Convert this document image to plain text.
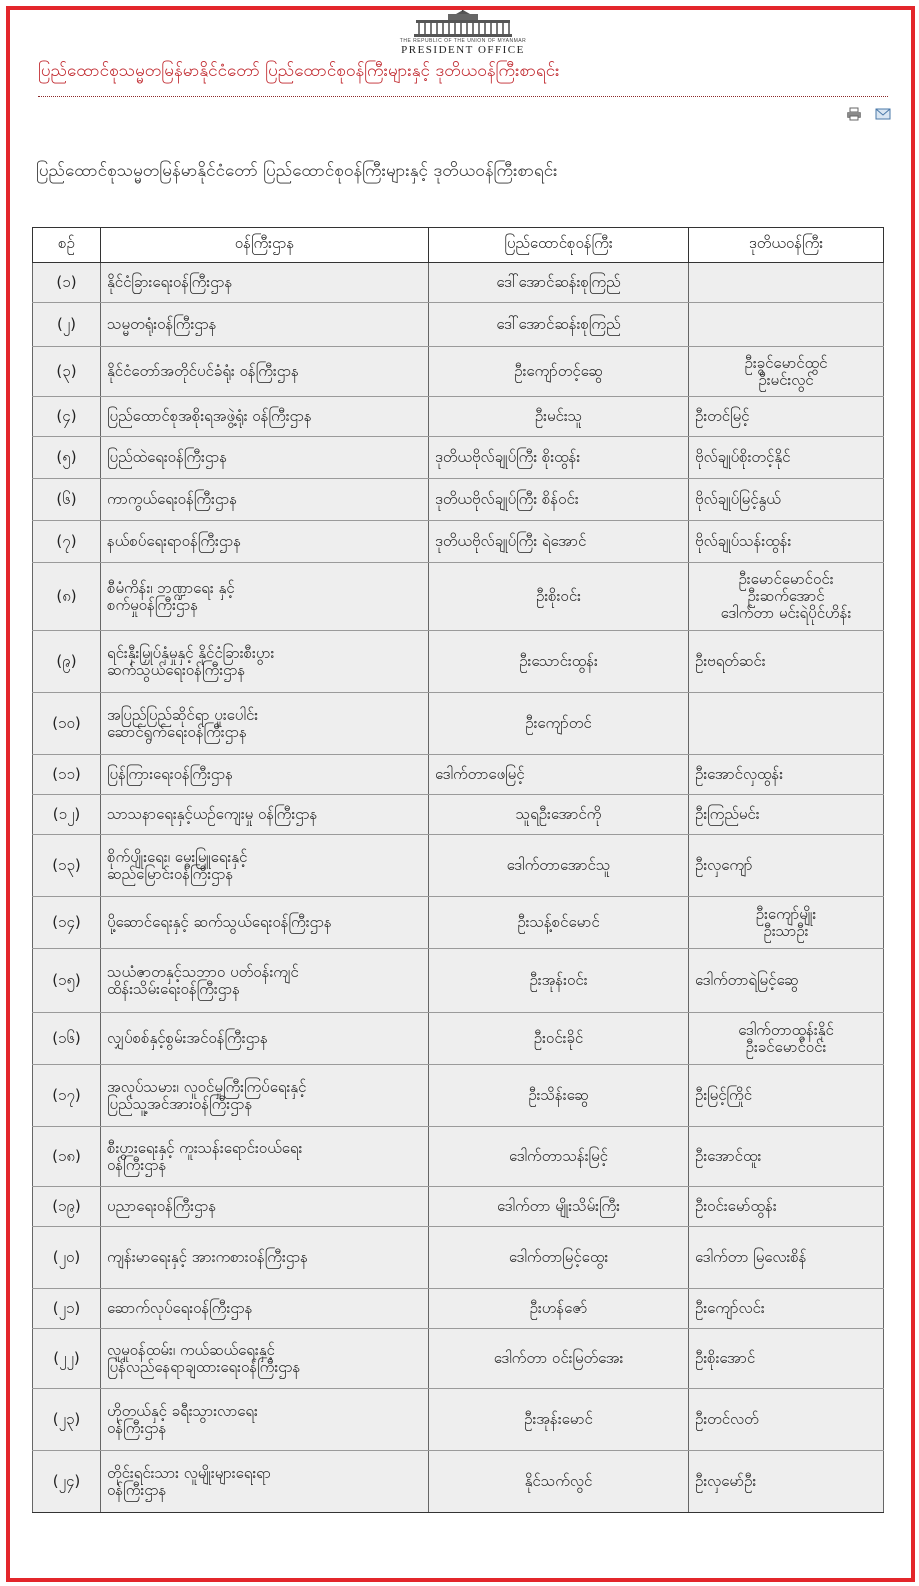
THE REPUBLIC OF THE UNION OF MYANMAR
PRESIDENT OFFICE
ပြည်ထောင်စုသမ္မတမြန်မာနိုင်ငံတော် ပြည်ထောင်စုဝန်ကြီးများနှင့် ဒုတိယဝန်ကြီးစာရင်း

ပြည်ထောင်စုသမ္မတမြန်မာနိုင်ငံတော် ပြည်ထောင်စုဝန်ကြီးများနှင့် ဒုတိယဝန်ကြီးစာရင်း
စဉ်	ဝန်ကြီးဌာန	ပြည်ထောင်စုဝန်ကြီး	ဒုတိယဝန်ကြီး
(၁)	နိုင်ငံခြားရေးဝန်ကြီးဌာန	ဒေါ်အောင်ဆန်းစုကြည်	
(၂)	သမ္မတရုံးဝန်ကြီးဌာန	ဒေါ်အောင်ဆန်းစုကြည်	
(၃)	နိုင်ငံတော်အတိုင်ပင်ခံရုံး ဝန်ကြီးဌာန	ဦးကျော်တင့်ဆွေ	ဦးခွင်မောင်ထွင်
ဦးမင်းလွင်
(၄)	ပြည်ထောင်စုအစိုးရအဖွဲ့ရုံး ဝန်ကြီးဌာန	ဦးမင်းသူ	ဦးတင်မြင့်
(၅)	ပြည်ထဲရေးဝန်ကြီးဌာန	ဒုတိယဗိုလ်ချုပ်ကြီး စိုးထွန်း	ဗိုလ်ချုပ်စိုးတင့်နိုင်
(၆)	ကာကွယ်ရေးဝန်ကြီးဌာန	ဒုတိယဗိုလ်ချုပ်ကြီး စိန်ဝင်း	ဗိုလ်ချုပ်မြင့်နွယ်
(၇)	နယ်စပ်ရေးရာဝန်ကြီးဌာန	ဒုတိယဗိုလ်ချုပ်ကြီး ရဲအောင်	ဗိုလ်ချုပ်သန်းထွန်း
(၈)	စီမံကိန်း၊ ဘဏ္ဍာရေး နှင့်
စက်မှုဝန်ကြီးဌာန	ဦးစိုးဝင်း	ဦးမောင်မောင်ဝင်း
ဦးဆက်အောင်
ဒေါက်တာ မင်းရဲပိုင်ဟိန်း
(၉)	ရင်းနှီးမြှုပ်နှံမှုနှင့် နိုင်ငံခြားစီးပွား
ဆက်သွယ်ရေးဝန်ကြီးဌာန	ဦးသောင်းထွန်း	ဦးဗရတ်ဆင်း
(၁၀)	အပြည်ပြည်ဆိုင်ရာ ပူးပေါင်း
ဆောင်ရွက်ရေးဝန်ကြီးဌာန	ဦးကျော်တင်	
(၁၁)	ပြန်ကြားရေးဝန်ကြီးဌာန	ဒေါက်တာဖေမြင့်	ဦးအောင်လှထွန်း
(၁၂)	သာသနာရေးနှင့်ယဉ်ကျေးမှု ဝန်ကြီးဌာန	သူရဦးအောင်ကို	ဦးကြည်မင်း
(၁၃)	စိုက်ပျိုးရေး၊ မွေးမြူရေးနှင့်
ဆည်မြောင်းဝန်ကြီးဌာန	ဒေါက်တာအောင်သူ	ဦးလှကျော်
(၁၄)	ပို့ဆောင်ရေးနှင့် ဆက်သွယ်ရေးဝန်ကြီးဌာန	ဦးသန့်စင်မောင်	ဦးကျော်မျိုး
ဦးသာဦး
(၁၅)	သယံဇာတနှင့်သဘာဝ ပတ်ဝန်းကျင်
ထိန်းသိမ်းရေးဝန်ကြီးဌာန	ဦးအုန်းဝင်း	ဒေါက်တာရဲမြင့်ဆွေ
(၁၆)	လျှပ်စစ်နှင့်စွမ်းအင်ဝန်ကြီးဌာန	ဦးဝင်းခိုင်	ဒေါက်တာထွန်းနိုင်
ဦးခင်မောင်ဝင်း
(၁၇)	အလုပ်သမား၊ လူဝင်မှုကြီးကြပ်ရေးနှင့်
ပြည်သူ့အင်အားဝန်ကြီးဌာန	ဦးသိန်းဆွေ	ဦးမြင့်ကြိုင်
(၁၈)	စီးပွားရေးနှင့် ကူးသန်းရောင်းဝယ်ရေး
ဝန်ကြီးဌာန	ဒေါက်တာသန်းမြင့်	ဦးအောင်ထူး
(၁၉)	ပညာရေးဝန်ကြီးဌာန	ဒေါက်တာ မျိုးသိမ်းကြီး	ဦးဝင်းမော်ထွန်း
(၂၀)	ကျန်းမာရေးနှင့် အားကစားဝန်ကြီးဌာန	ဒေါက်တာမြင့်ထွေး	ဒေါက်တာ မြလေးစိန်
(၂၁)	ဆောက်လုပ်ရေးဝန်ကြီးဌာန	ဦးဟန်ဇော်	ဦးကျော်လင်း
(၂၂)	လူမှုဝန်ထမ်း၊ ကယ်ဆယ်ရေးနှင့်
ပြန်လည်နေရာချထားရေးဝန်ကြီးဌာန	ဒေါက်တာ ဝင်းမြတ်အေး	ဦးစိုးအောင်
(၂၃)	ဟိုတယ်နှင့် ခရီးသွားလာရေး
ဝန်ကြီးဌာန	ဦးအုန်းမောင်	ဦးတင်လတ်
(၂၄)	တိုင်းရင်းသား လူမျိုးများရေးရာ
ဝန်ကြီးဌာန	နိုင်သက်လွင်	ဦးလှမော်ဦး
